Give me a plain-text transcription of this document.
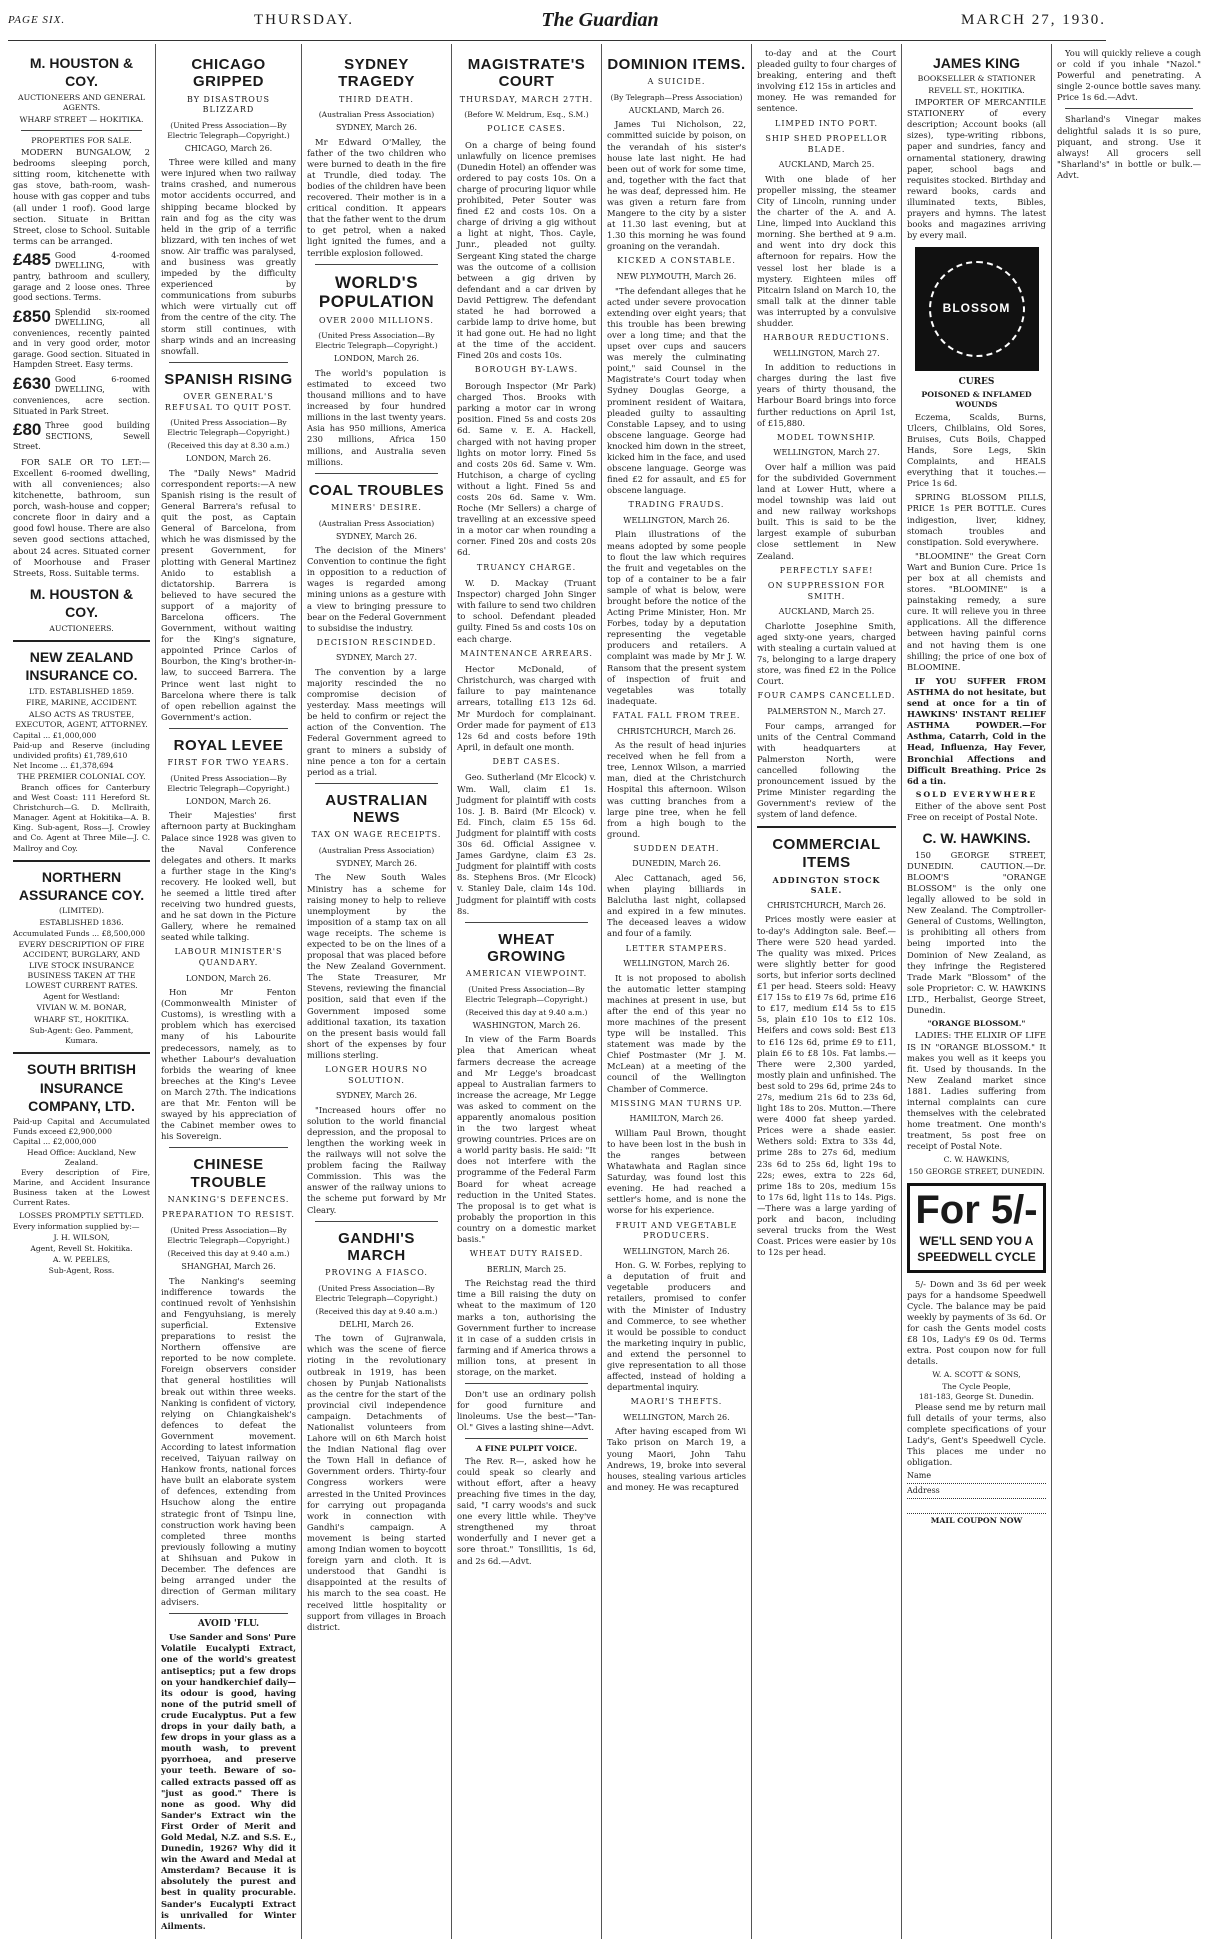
PAGE SIX.	THURSDAY.	The Guardian	MARCH 27, 1930.
M. HOUSTON & COY.
AUCTIONEERS AND GENERAL AGENTS.
WHARF STREET — HOKITIKA.
PROPERTIES FOR SALE.

MODERN BUNGALOW, 2 bedrooms sleeping porch, sitting room, kitchenette with gas stove, bath-room, wash-house with gas copper and tubs (all under 1 roof). Good large section. Situate in Brittan Street, close to School. Suitable terms can be arranged.

£485 Good 4-roomed DWELLING, with pantry, bathroom and scullery, garage and 2 loose ones. Three good sections. Terms.
£850 Splendid six-roomed DWELLING, all conveniences, recently painted and in very good order, motor garage. Good section. Situated in Hampden Street. Easy terms.
£630 Good 6-roomed DWELLING, with conveniences, acre section. Situated in Park Street.
£80 Three good building SECTIONS, Sewell Street.

FOR SALE OR TO LET:—Excellent 6-roomed dwelling, with all conveniences; also kitchenette, bathroom, sun porch, wash-house and copper; concrete floor in dairy and a good fowl house. There are also seven good sections attached, about 24 acres. Situated corner of Moorhouse and Fraser Streets, Ross. Suitable terms.

M. HOUSTON & COY.
AUCTIONEERS.
NEW ZEALAND INSURANCE CO.
LTD. ESTABLISHED 1859.
FIRE, MARINE, ACCIDENT.
ALSO ACTS AS TRUSTEE, EXECUTOR, AGENT, ATTORNEY.
Capital ... £1,000,000
Paid-up and Reserve (including undivided profits) £1,789,610
Net Income ... £1,378,694
THE PREMIER COLONIAL COY.

Branch offices for Canterbury and West Coast: 111 Hereford St. Christchurch—G. D. McIlraith, Manager. Agent at Hokitika—A. B. King. Sub-agent, Ross—J. Crowley and Co. Agent at Three Mile—J. C. Mallroy and Coy.

NORTHERN ASSURANCE COY.
(LIMITED).
ESTABLISHED 1836.
Accumulated Funds ... £8,500,000
EVERY DESCRIPTION OF FIRE ACCIDENT, BURGLARY, AND LIVE STOCK INSURANCE BUSINESS TAKEN AT THE LOWEST CURRENT RATES.
Agent for Westland:
VIVIAN W. M. BONAR,
WHARF ST., HOKITIKA.
Sub-Agent: Geo. Pamment, Kumara.
SOUTH BRITISH INSURANCE COMPANY, LTD.
Paid-up Capital and Accumulated Funds exceed £2,900,000
Capital ... £2,000,000
Head Office: Auckland, New Zealand.

Every description of Fire, Marine, and Accident Insurance Business taken at the Lowest Current Rates.

LOSSES PROMPTLY SETTLED.
Every information supplied by:—
J. H. WILSON,
Agent, Revell St. Hokitika.
A. W. PEELES,
Sub-Agent, Ross.
CHICAGO GRIPPED
BY DISASTROUS BLIZZARD
(United Press Association—By Electric Telegraph—Copyright.)
CHICAGO, March 26.

Three were killed and many were injured when two railway trains crashed, and numerous motor accidents occurred, and shipping became blocked by rain and fog as the city was held in the grip of a terrific blizzard, with ten inches of wet snow. Air traffic was paralysed, and business was greatly impeded by the difficulty experienced by communications from suburbs which were virtually cut off from the centre of the city. The storm still continues, with sharp winds and an increasing snowfall.

SPANISH RISING
OVER GENERAL'S REFUSAL TO QUIT POST.
(United Press Association—By Electric Telegraph—Copyright.)
(Received this day at 8.30 a.m.)
LONDON, March 26.

The "Daily News" Madrid correspondent reports:—A new Spanish rising is the result of General Barrera's refusal to quit the post, as Captain General of Barcelona, from which he was dismissed by the present Government, for plotting with General Martinez Anido to establish a dictatorship. Barrera is believed to have secured the support of a majority of Barcelona officers. The Government, without waiting for the King's signature, appointed Prince Carlos of Bourbon, the King's brother-in-law, to succeed Barrera. The Prince went last night to Barcelona where there is talk of open rebellion against the Government's action.

ROYAL LEVEE
FIRST FOR TWO YEARS.
(United Press Association—By Electric Telegraph—Copyright.)
LONDON, March 26.

Their Majesties' first afternoon party at Buckingham Palace since 1928 was given to the Naval Conference delegates and others. It marks a further stage in the King's recovery. He looked well, but he seemed a little tired after receiving two hundred guests, and he sat down in the Picture Gallery, where he remained seated while talking.

LABOUR MINISTER'S QUANDARY.
LONDON, March 26.

Hon Mr Fenton (Commonwealth Minister of Customs), is wrestling with a problem which has exercised many of his Labourite predecessors, namely, as to whether Labour's devaluation forbids the wearing of knee breeches at the King's Levee on March 27th. The indications are that Mr. Fenton will be swayed by his appreciation of the Cabinet member owes to his Sovereign.

CHINESE TROUBLE
NANKING'S DEFENCES.
PREPARATION TO RESIST.
(United Press Association—By Electric Telegraph—Copyright.)
(Received this day at 9.40 a.m.)
SHANGHAI, March 26.

The Nanking's seeming indifference towards the continued revolt of Yenhsishin and Fengyuhsiang, is merely superficial. Extensive preparations to resist the Northern offensive are reported to be now complete. Foreign observers consider that general hostilities will break out within three weeks. Nanking is confident of victory, relying on Chiangkaishek's defences to defeat the Government movement. According to latest information received, Taiyuan railway on Hankow fronts, national forces have built an elaborate system of defences, extending from Hsuchow along the entire strategic front of Tsinpu line, construction work having been completed three months previously following a mutiny at Shihsuan and Pukow in December. The defences are being arranged under the direction of German military advisers.

AVOID 'FLU.

Use Sander and Sons' Pure Volatile Eucalypti Extract, one of the world's greatest antiseptics; put a few drops on your handkerchief daily—its odour is good, having none of the putrid smell of crude Eucalyptus. Put a few drops in your daily bath, a few drops in your glass as a mouth wash, to prevent pyorrhoea, and preserve your teeth. Beware of so-called extracts passed off as "just as good." There is none as good. Why did Sander's Extract win the First Order of Merit and Gold Medal, N.Z. and S.S. E., Dunedin, 1926? Why did it win the Award and Medal at Amsterdam? Because it is absolutely the purest and best in quality procurable. Sander's Eucalypti Extract is unrivalled for Winter Ailments.

SYDNEY TRAGEDY
THIRD DEATH.
(Australian Press Association)
SYDNEY, March 26.

Mr Edward O'Malley, the father of the two children who were burned to death in the fire at Trundle, died today. The bodies of the children have been recovered. Their mother is in a critical condition. It appears that the father went to the drum to get petrol, when a naked light ignited the fumes, and a terrible explosion followed.

WORLD'S POPULATION
OVER 2000 MILLIONS.
(United Press Association—By Electric Telegraph—Copyright.)
LONDON, March 26.

The world's population is estimated to exceed two thousand millions and to have increased by four hundred millions in the last twenty years. Asia has 950 millions, America 230 millions, Africa 150 millions, and Australia seven millions.

COAL TROUBLES
MINERS' DESIRE.
(Australian Press Association)
SYDNEY, March 26.

The decision of the Miners' Convention to continue the fight in opposition to a reduction of wages is regarded among mining unions as a gesture with a view to bringing pressure to bear on the Federal Government to subsidise the industry.

DECISION RESCINDED.
SYDNEY, March 27.

The convention by a large majority rescinded the no compromise decision of yesterday. Mass meetings will be held to confirm or reject the action of the Convention. The Federal Government agreed to grant to miners a subsidy of nine pence a ton for a certain period as a trial.

AUSTRALIAN NEWS
TAX ON WAGE RECEIPTS.
(Australian Press Association)
SYDNEY, March 26.

The New South Wales Ministry has a scheme for raising money to help to relieve unemployment by the imposition of a stamp tax on all wage receipts. The scheme is expected to be on the lines of a proposal that was placed before the New Zealand Government. The State Treasurer, Mr Stevens, reviewing the financial position, said that even if the Government imposed some additional taxation, its taxation on the present basis would fall short of the expenses by four millions sterling.

LONGER HOURS NO SOLUTION.
SYDNEY, March 26.

"Increased hours offer no solution to the world financial depression, and the proposal to lengthen the working week in the railways will not solve the problem facing the Railway Commission. This was the answer of the railway unions to the scheme put forward by Mr Cleary.

GANDHI'S MARCH
PROVING A FIASCO.
(United Press Association—By Electric Telegraph—Copyright.)
(Received this day at 9.40 a.m.)
DELHI, March 26.

The town of Gujranwala, which was the scene of fierce rioting in the revolutionary outbreak in 1919, has been chosen by Punjab Nationalists as the centre for the start of the provincial civil independence campaign. Detachments of Nationalist volunteers from Lahore will on 6th March hoist the Indian National flag over the Town Hall in defiance of Government orders. Thirty-four Congress workers were arrested in the United Provinces for carrying out propaganda work in connection with Gandhi's campaign. A movement is being started among Indian women to boycott foreign yarn and cloth. It is understood that Gandhi is disappointed at the results of his march to the sea coast. He received little hospitality or support from villages in Broach district.

MAGISTRATE'S COURT
THURSDAY, MARCH 27TH.
(Before W. Meldrum, Esq., S.M.)
POLICE CASES.

On a charge of being found unlawfully on licence premises (Dunedin Hotel) an offender was ordered to pay costs 10s. On a charge of procuring liquor while prohibited, Peter Souter was fined £2 and costs 10s. On a charge of driving a gig without a light at night, Thos. Cayle, Junr., pleaded not guilty. Sergeant King stated the charge was the outcome of a collision between a gig driven by defendant and a car driven by David Pettigrew. The defendant stated he had borrowed a carbide lamp to drive home, but it had gone out. He had no light at the time of the accident. Fined 20s and costs 10s.

BOROUGH BY-LAWS.

Borough Inspector (Mr Park) charged Thos. Brooks with parking a motor car in wrong position. Fined 5s and costs 20s 6d. Same v. E. A. Hackell, charged with not having proper lights on motor lorry. Fined 5s and costs 20s 6d. Same v. Wm. Hutchison, a charge of cycling without a light. Fined 5s and costs 20s 6d. Same v. Wm. Roche (Mr Sellers) a charge of travelling at an excessive speed in a motor car when rounding a corner. Fined 20s and costs 20s 6d.

TRUANCY CHARGE.

W. D. Mackay (Truant Inspector) charged John Singer with failure to send two children to school. Defendant pleaded guilty. Fined 5s and costs 10s on each charge.

MAINTENANCE ARREARS.

Hector McDonald, of Christchurch, was charged with failure to pay maintenance arrears, totalling £13 12s 6d. Mr Murdoch for complainant. Order made for payment of £13 12s 6d and costs before 19th April, in default one month.

DEBT CASES.

Geo. Sutherland (Mr Elcock) v. Wm. Wall, claim £1 1s. Judgment for plaintiff with costs 10s. J. B. Baird (Mr Elcock) v. Ed. Finch, claim £5 15s 6d. Judgment for plaintiff with costs 30s 6d. Official Assignee v. James Gardyne, claim £3 2s. Judgment for plaintiff with costs 8s. Stephens Bros. (Mr Elcock) v. Stanley Dale, claim 14s 10d. Judgment for plaintiff with costs 8s.

WHEAT GROWING
AMERICAN VIEWPOINT.
(United Press Association—By Electric Telegraph—Copyright.)
(Received this day at 9.40 a.m.)
WASHINGTON, March 26.

In view of the Farm Boards plea that American wheat farmers decrease the acreage and Mr Legge's broadcast appeal to Australian farmers to increase the acreage, Mr Legge was asked to comment on the apparently anomalous position in the two largest wheat growing countries. Prices are on a world parity basis. He said: "It does not interfere with the programme of the Federal Farm Board for wheat acreage reduction in the United States. The proposal is to get what is probably the proportion in this country on a domestic market basis."

WHEAT DUTY RAISED.
BERLIN, March 25.

The Reichstag read the third time a Bill raising the duty on wheat to the maximum of 120 marks a ton, authorising the Government further to increase it in case of a sudden crisis in farming and if America throws a million tons, at present in storage, on the market.

Don't use an ordinary polish for good furniture and linoleums. Use the best—"Tan-Ol." Gives a lasting shine—Advt.

A FINE PULPIT VOICE.

The Rev. R—, asked how he could speak so clearly and without effort, after a heavy preaching five times in the day, said, "I carry woods's and suck one every little while. They've strengthened my throat wonderfully and I never get a sore throat." Tonsillitis, 1s 6d, and 2s 6d.—Advt.

DOMINION ITEMS.
A SUICIDE.
(By Telegraph—Press Association)
AUCKLAND, March 26.

James Tui Nicholson, 22, committed suicide by poison, on the verandah of his sister's house late last night. He had been out of work for some time, and, together with the fact that he was deaf, depressed him. He was given a return fare from Mangere to the city by a sister at 11.30 last evening, but at 1.30 this morning he was found groaning on the verandah.

KICKED A CONSTABLE.
NEW PLYMOUTH, March 26.

"The defendant alleges that he acted under severe provocation extending over eight years; that this trouble has been brewing over a long time; and that the upset over cups and saucers was merely the culminating point," said Counsel in the Magistrate's Court today when Sydney Douglas George, a prominent resident of Waitara, pleaded guilty to assaulting Constable Lapsey, and to using obscene language. George had knocked him down in the street, kicked him in the face, and used obscene language. George was fined £2 for assault, and £5 for obscene language.

TRADING FRAUDS.
WELLINGTON, March 26.

Plain illustrations of the means adopted by some people to flout the law which requires the fruit and vegetables on the top of a container to be a fair sample of what is below, were brought before the notice of the Acting Prime Minister, Hon. Mr Forbes, today by a deputation representing the vegetable producers and retailers. A complaint was made by Mr J. W. Ransom that the present system of inspection of fruit and vegetables was totally inadequate.

FATAL FALL FROM TREE.
CHRISTCHURCH, March 26.

As the result of head injuries received when he fell from a tree, Lennox Wilson, a married man, died at the Christchurch Hospital this afternoon. Wilson was cutting branches from a large pine tree, when he fell from a high bough to the ground.

SUDDEN DEATH.
DUNEDIN, March 26.

Alec Cattanach, aged 56, when playing billiards in Balclutha last night, collapsed and expired in a few minutes. The deceased leaves a widow and four of a family.

LETTER STAMPERS.
WELLINGTON, March 26.

It is not proposed to abolish the automatic letter stamping machines at present in use, but after the end of this year no more machines of the present type will be installed. This statement was made by the Chief Postmaster (Mr J. M. McLean) at a meeting of the council of the Wellington Chamber of Commerce.

MISSING MAN TURNS UP.
HAMILTON, March 26.

William Paul Brown, thought to have been lost in the bush in the ranges between Whatawhata and Raglan since Saturday, was found lost this evening. He had reached a settler's home, and is none the worse for his experience.

FRUIT AND VEGETABLE PRODUCERS.
WELLINGTON, March 26.

Hon. G. W. Forbes, replying to a deputation of fruit and vegetable producers and retailers, promised to confer with the Minister of Industry and Commerce, to see whether it would be possible to conduct the marketing inquiry in public, and extend the personnel to give representation to all those affected, instead of holding a departmental inquiry.

MAORI'S THEFTS.
WELLINGTON, March 26.

After having escaped from Wi Tako prison on March 19, a young Maori, John Tahu Andrews, 19, broke into several houses, stealing various articles and money. He was recaptured

to-day and at the Court pleaded guilty to four charges of breaking, entering and theft involving £12 15s in articles and money. He was remanded for sentence.

LIMPED INTO PORT.
SHIP SHED PROPELLOR BLADE.
AUCKLAND, March 25.

With one blade of her propeller missing, the steamer City of Lincoln, running under the charter of the A. and A. Line, limped into Auckland this morning. She berthed at 9 a.m. and went into dry dock this afternoon for repairs. How the vessel lost her blade is a mystery. Eighteen miles off Pitcairn Island on March 10, the small talk at the dinner table was interrupted by a convulsive shudder.

HARBOUR REDUCTIONS.
WELLINGTON, March 27.

In addition to reductions in charges during the last five years of thirty thousand, the Harbour Board brings into force further reductions on April 1st, of £15,880.

MODEL TOWNSHIP.
WELLINGTON, March 27.

Over half a million was paid for the subdivided Government land at Lower Hutt, where a model township was laid out and new railway workshops built. This is said to be the largest example of suburban close settlement in New Zealand.

PERFECTLY SAFE!
ON SUPPRESSION FOR SMITH.
AUCKLAND, March 25.

Charlotte Josephine Smith, aged sixty-one years, charged with stealing a curtain valued at 7s, belonging to a large drapery store, was fined £2 in the Police Court.

FOUR CAMPS CANCELLED.
PALMERSTON N., March 27.

Four camps, arranged for units of the Central Command with headquarters at Palmerston North, were cancelled following the pronouncement issued by the Prime Minister regarding the Government's review of the system of land defence.

COMMERCIAL ITEMS
ADDINGTON STOCK SALE.
CHRISTCHURCH, March 26.

Prices mostly were easier at to-day's Addington sale. Beef.—There were 520 head yarded. The quality was mixed. Prices were slightly better for good sorts, but inferior sorts declined £1 per head. Steers sold: Heavy £17 15s to £19 7s 6d, prime £16 to £17, medium £14 5s to £15 5s, plain £10 10s to £12 10s. Heifers and cows sold: Best £13 to £16 12s 6d, prime £9 to £11, plain £6 to £8 10s. Fat lambs.—There were 2,300 yarded, mostly plain and unfinished. The best sold to 29s 6d, prime 24s to 27s, medium 21s 6d to 23s 6d, light 18s to 20s. Mutton.—There were 4000 fat sheep yarded. Prices were a shade easier. Wethers sold: Extra to 33s 4d, prime 28s to 27s 6d, medium 23s 6d to 25s 6d, light 19s to 22s; ewes, extra to 22s 6d, prime 18s to 20s, medium 15s to 17s 6d, light 11s to 14s. Pigs.—There was a large yarding of pork and bacon, including several trucks from the West Coast. Prices were easier by 10s to 12s per head.

JAMES KING
BOOKSELLER & STATIONER
REVELL ST., HOKITIKA.

IMPORTER OF MERCANTILE STATIONERY of every description; Account books (all sizes), type-writing ribbons, paper and sundries, fancy and ornamental stationery, drawing paper, school bags and requisites stocked. Birthday and reward books, cards and illuminated texts, Bibles, prayers and hymns. The latest books and magazines arriving by every mail.

BLOSSOM
CURES
POISONED & INFLAMED WOUNDS

Eczema, Scalds, Burns, Ulcers, Chilblains, Old Sores, Bruises, Cuts Boils, Chapped Hands, Sore Legs, Skin Complaints, and HEALS everything that it touches.—Price 1s 6d.

SPRING BLOSSOM PILLS, PRICE 1s PER BOTTLE. Cures indigestion, liver, kidney, stomach troubles and constipation. Sold everywhere.

"BLOOMINE" the Great Corn Wart and Bunion Cure. Price 1s per box at all chemists and stores. "BLOOMINE" is a painstaking remedy, a sure cure. It will relieve you in three applications. All the difference between having painful corns and not having them is one shilling; the price of one box of BLOOMINE.

IF YOU SUFFER FROM ASTHMA do not hesitate, but send at once for a tin of HAWKINS' INSTANT RELIEF ASTHMA POWDER.—For Asthma, Catarrh, Cold in the Head, Influenza, Hay Fever, Bronchial Affections and Difficult Breathing. Price 2s 6d a tin.

SOLD EVERYWHERE

Either of the above sent Post Free on receipt of Postal Note.

C. W. HAWKINS.

150 GEORGE STREET, DUNEDIN. CAUTION.—Dr. BLOOM'S "ORANGE BLOSSOM" is the only one legally allowed to be sold in New Zealand. The Comptroller-General of Customs, Wellington, is prohibiting all others from being imported into the Dominion of New Zealand, as they infringe the Registered Trade Mark "Blossom" of the sole Proprietor: C. W. HAWKINS LTD., Herbalist, George Street, Dunedin.

"ORANGE BLOSSOM."

LADIES: THE ELIXIR OF LIFE IS IN "ORANGE BLOSSOM." It makes you well as it keeps you fit. Used by thousands. In the New Zealand market since 1881. Ladies suffering from internal complaints can cure themselves with the celebrated home treatment. One month's treatment, 5s post free on receipt of Postal Note.

C. W. HAWKINS,
150 GEORGE STREET, DUNEDIN.
For 5/-
WE'LL SEND YOU A SPEEDWELL CYCLE

5/- Down and 3s 6d per week pays for a handsome Speedwell Cycle. The balance may be paid weekly by payments of 3s 6d. Or for cash the Gents model costs £8 10s, Lady's £9 0s 0d. Terms extra. Post coupon now for full details.

W. A. SCOTT & SONS,
The Cycle People,
181-183, George St. Dunedin.

Please send me by return mail full details of your terms, also complete specifications of your Lady's, Gent's Speedwell Cycle. This places me under no obligation.

Name
Address
MAIL COUPON NOW

You will quickly relieve a cough or cold if you inhale "Nazol." Powerful and penetrating. A single 2-ounce bottle saves many. Price 1s 6d.—Advt.

Sharland's Vinegar makes delightful salads it is so pure, piquant, and strong. Use it always! All grocers sell "Sharland's" in bottle or bulk.—Advt.
